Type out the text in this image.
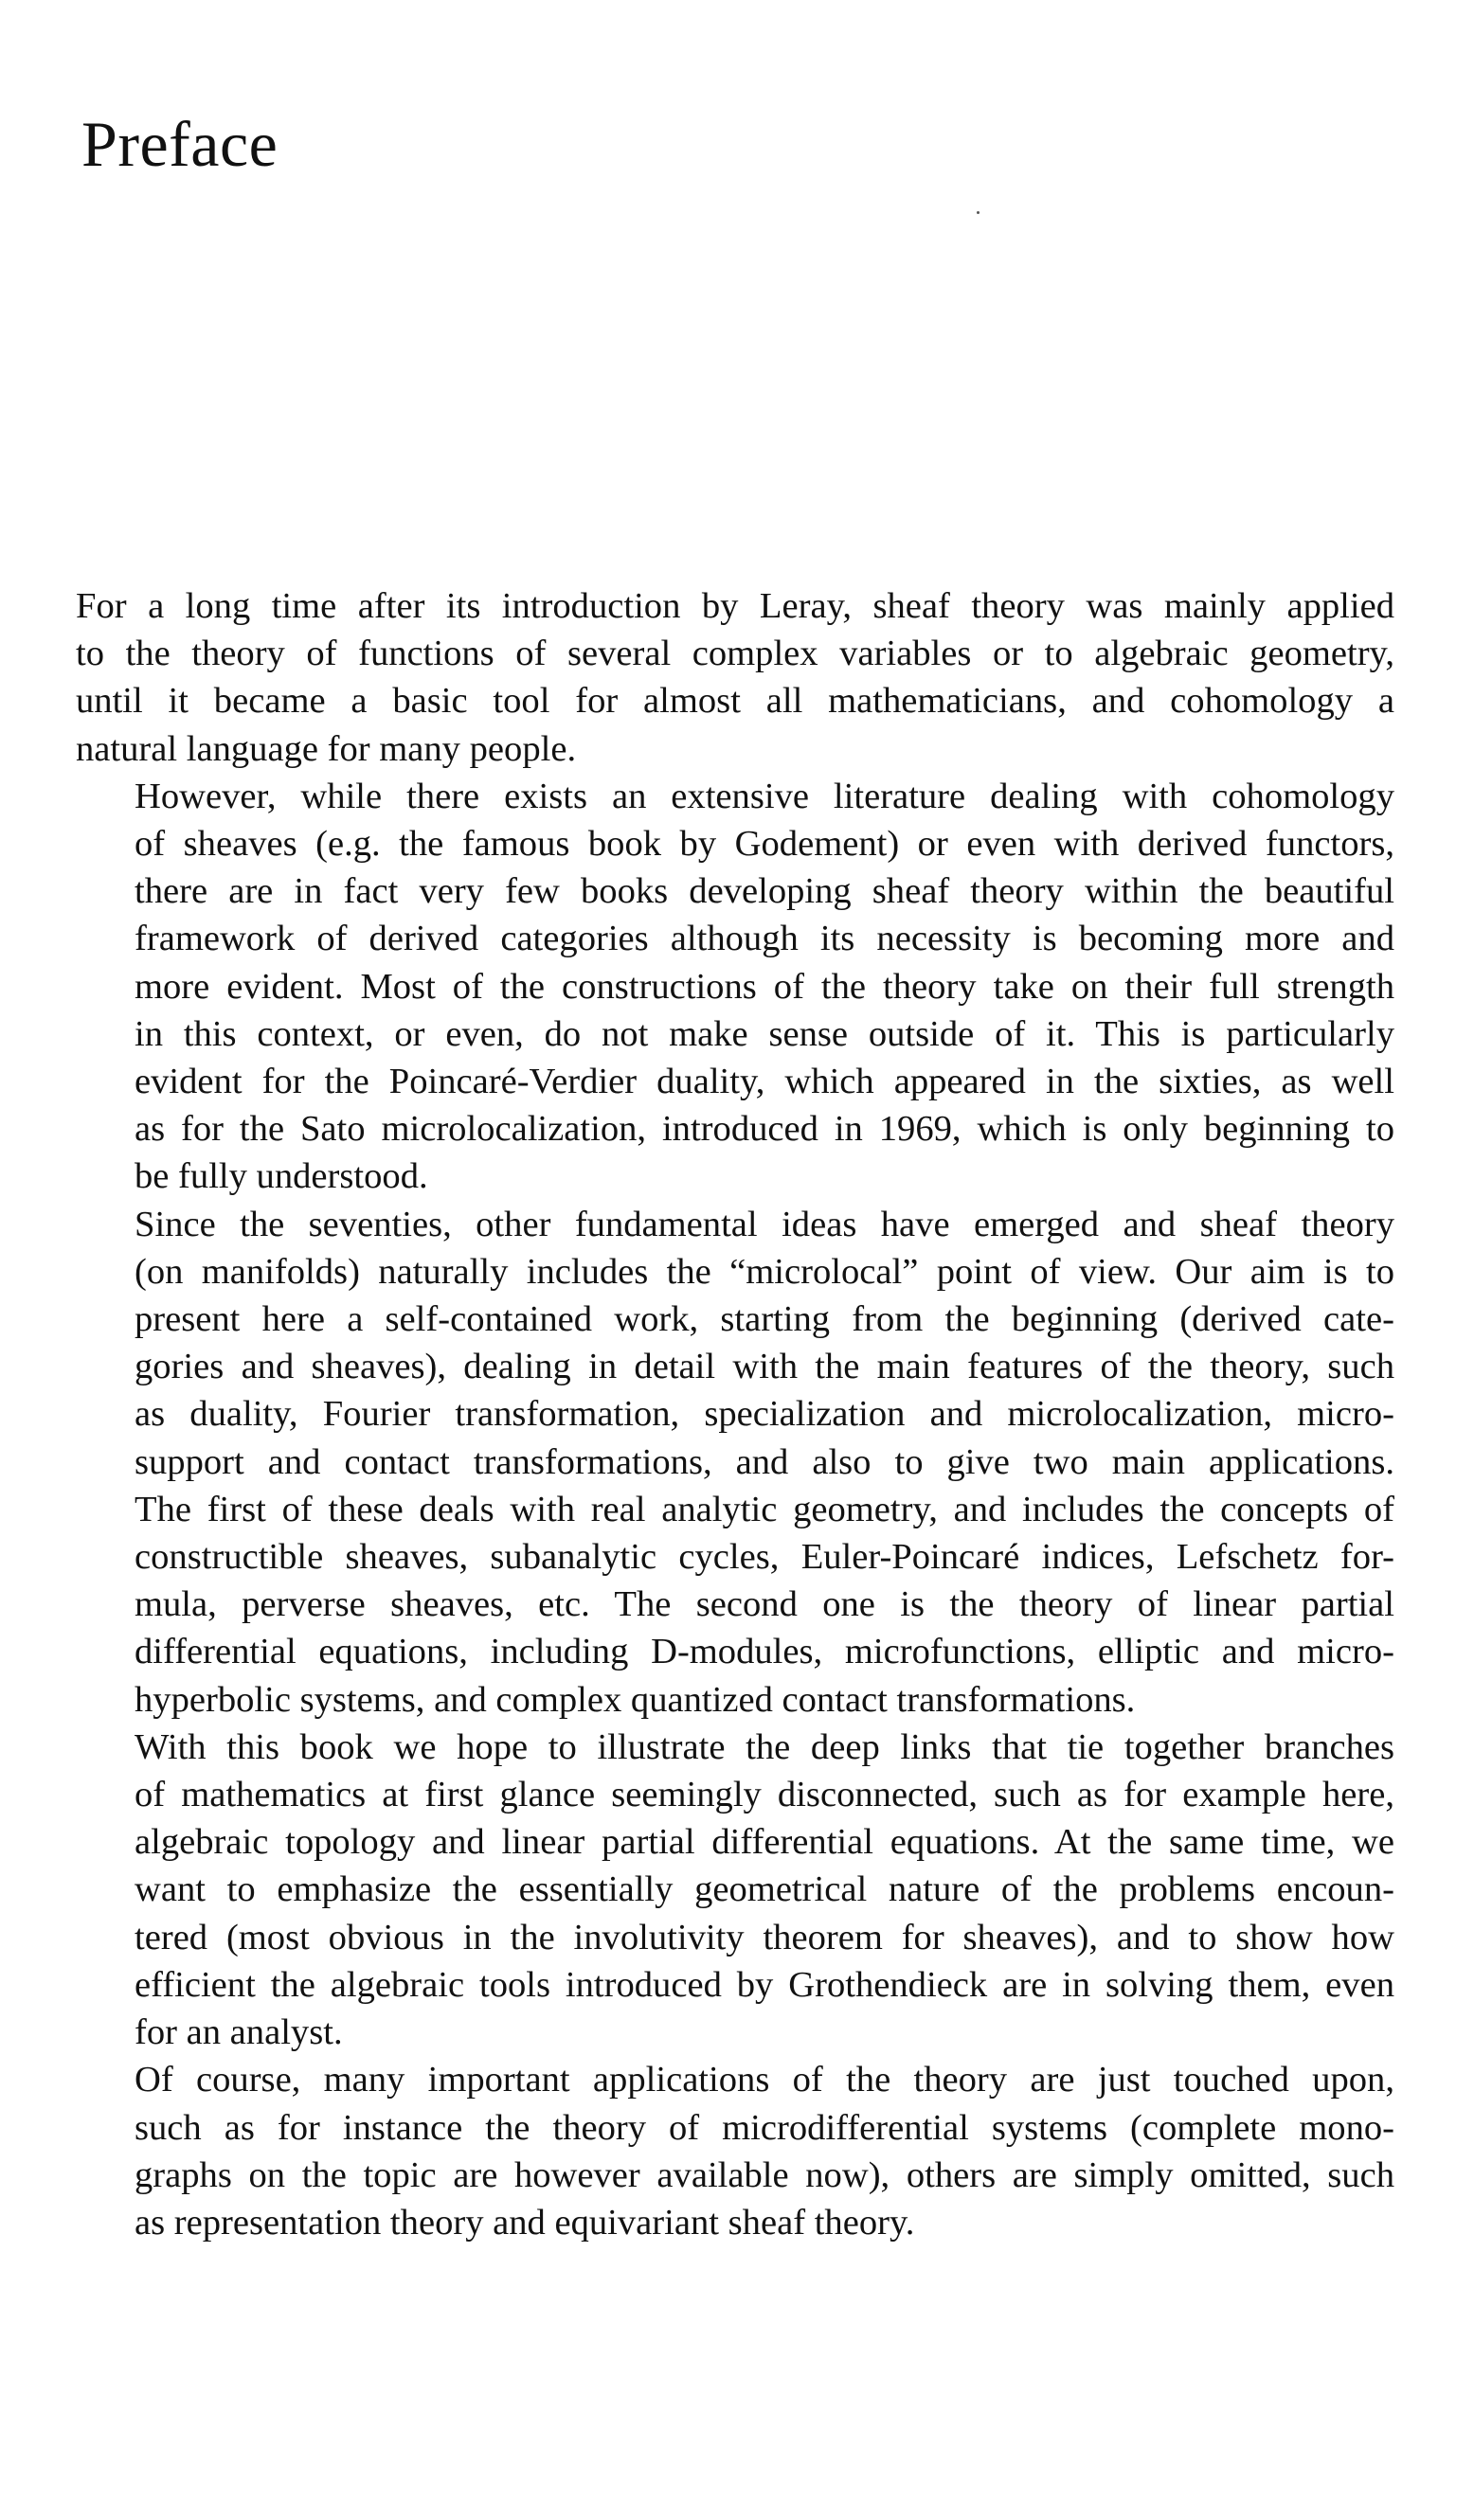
Preface

For a long time after its introduction by Leray, sheaf theory was mainly applied
to the theory of functions of several complex variables or to algebraic geometry,
until it became a basic tool for almost all mathematicians, and cohomology a
natural language for many people.

However, while there exists an extensive literature dealing with cohomology
of sheaves (e.g. the famous book by Godement) or even with derived functors,
there are in fact very few books developing sheaf theory within the beautiful
framework of derived categories although its necessity is becoming more and
more evident. Most of the constructions of the theory take on their full strength
in this context, or even, do not make sense outside of it. This is particularly
evident for the Poincaré-Verdier duality, which appeared in the sixties, as well
as for the Sato microlocalization, introduced in 1969, which is only beginning to
be fully understood.

Since the seventies, other fundamental ideas have emerged and sheaf theory
(on manifolds) naturally includes the “microlocal” point of view. Our aim is to
present here a self-contained work, starting from the beginning (derived cate-
gories and sheaves), dealing in detail with the main features of the theory, such
as duality, Fourier transformation, specialization and microlocalization, micro-
support and contact transformations, and also to give two main applications.
The first of these deals with real analytic geometry, and includes the concepts of
constructible sheaves, subanalytic cycles, Euler-Poincaré indices, Lefschetz for-
mula, perverse sheaves, etc. The second one is the theory of linear partial
differential equations, including D-modules, microfunctions, elliptic and micro-
hyperbolic systems, and complex quantized contact transformations.

With this book we hope to illustrate the deep links that tie together branches
of mathematics at first glance seemingly disconnected, such as for example here,
algebraic topology and linear partial differential equations. At the same time, we
want to emphasize the essentially geometrical nature of the problems encoun-
tered (most obvious in the involutivity theorem for sheaves), and to show how
efficient the algebraic tools introduced by Grothendieck are in solving them, even
for an analyst.

Of course, many important applications of the theory are just touched upon,
such as for instance the theory of microdifferential systems (complete mono-
graphs on the topic are however available now), others are simply omitted, such
as representation theory and equivariant sheaf theory.
